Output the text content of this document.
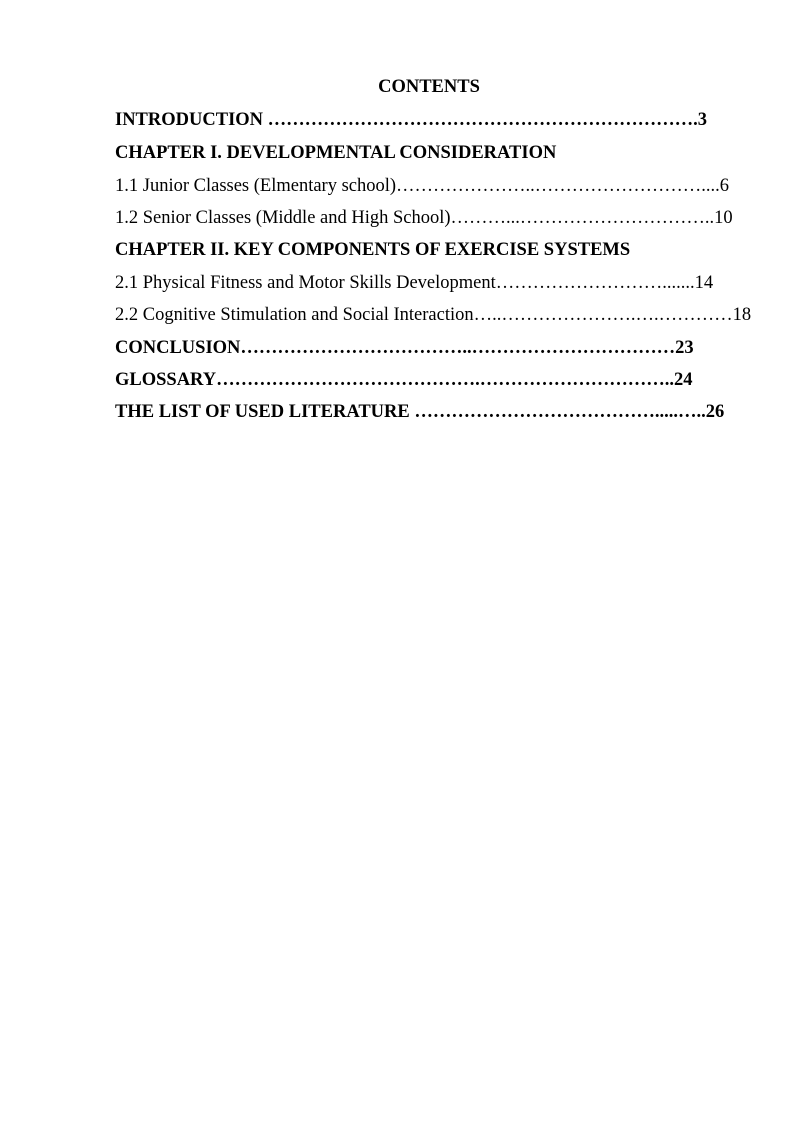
CONTENTS
INTRODUCTION …………………………………………………………….3
CHAPTER I. DEVELOPMENTAL CONSIDERATION
1.1 Junior Classes (Elmentary school)…………………..………………………....6
1.2 Senior Classes (Middle and High School)………...…………………………..10
CHAPTER II. KEY COMPONENTS OF EXERCISE SYSTEMS
2.1 Physical Fitness and Motor Skills Development……………………….......14
2.2 Cognitive Stimulation and Social Interaction…..………………….….…………18
CONCLUSION………………………………..……………………………23
GLOSSARY…………………………………….…………………………..24
THE LIST OF USED LITERATURE ………………………………….....…..26
